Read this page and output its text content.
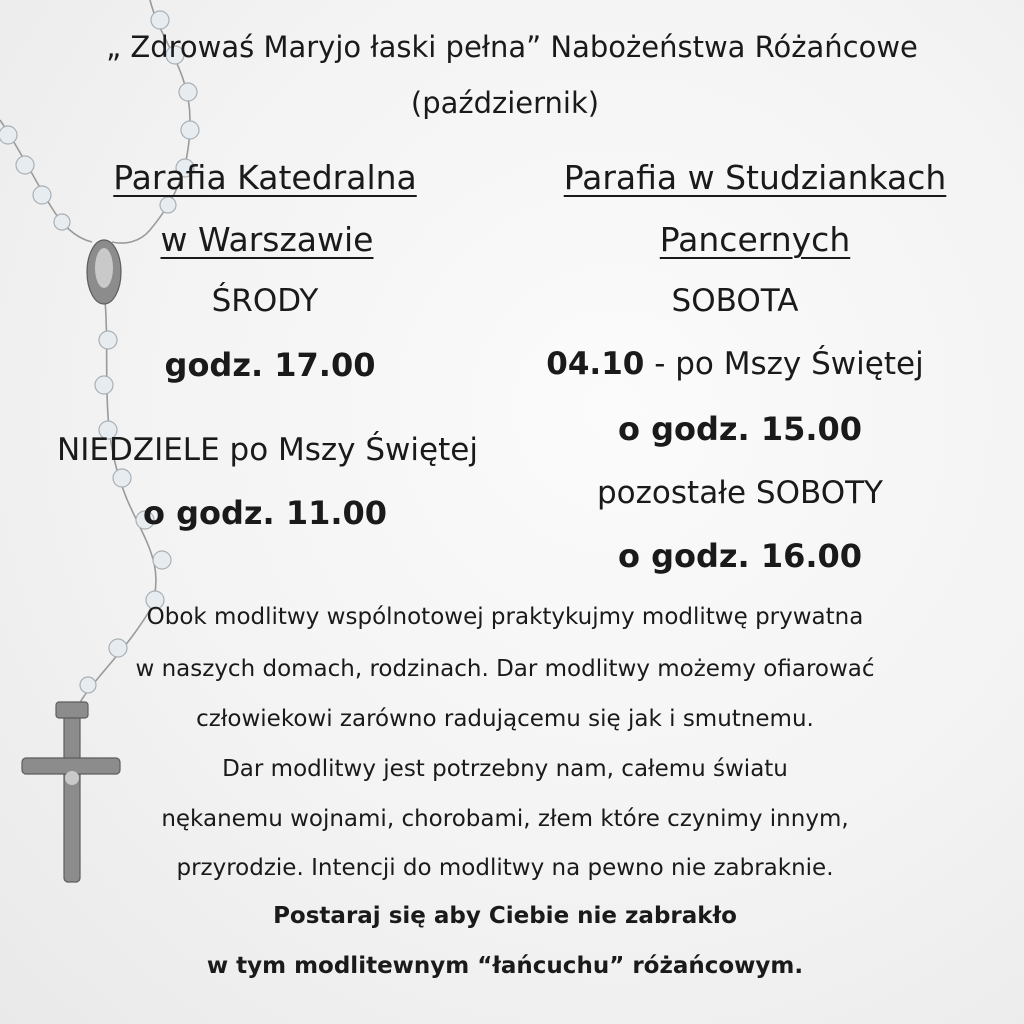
„ Zdrowaś Maryjo łaski pełna” Nabożeństwa Różańcowe
(październik)
Parafia Katedralna
w Warszawie
ŚRODY
godz. 17.00
NIEDZIELE po Mszy Świętej
o godz. 11.00
Parafia w Studziankach
Pancernych
SOBOTA
04.10 - po Mszy Świętej
o godz. 15.00
pozostałe SOBOTY
o godz. 16.00
Obok modlitwy wspólnotowej praktykujmy modlitwę prywatna
w naszych domach, rodzinach. Dar modlitwy możemy ofiarować
człowiekowi zarówno radującemu się jak i smutnemu.
Dar modlitwy jest potrzebny nam, całemu światu
nękanemu wojnami, chorobami, złem które czynimy innym,
przyrodzie. Intencji do modlitwy na pewno nie zabraknie.
Postaraj się aby Ciebie nie zabrakło
w tym modlitewnym “łańcuchu” różańcowym.
